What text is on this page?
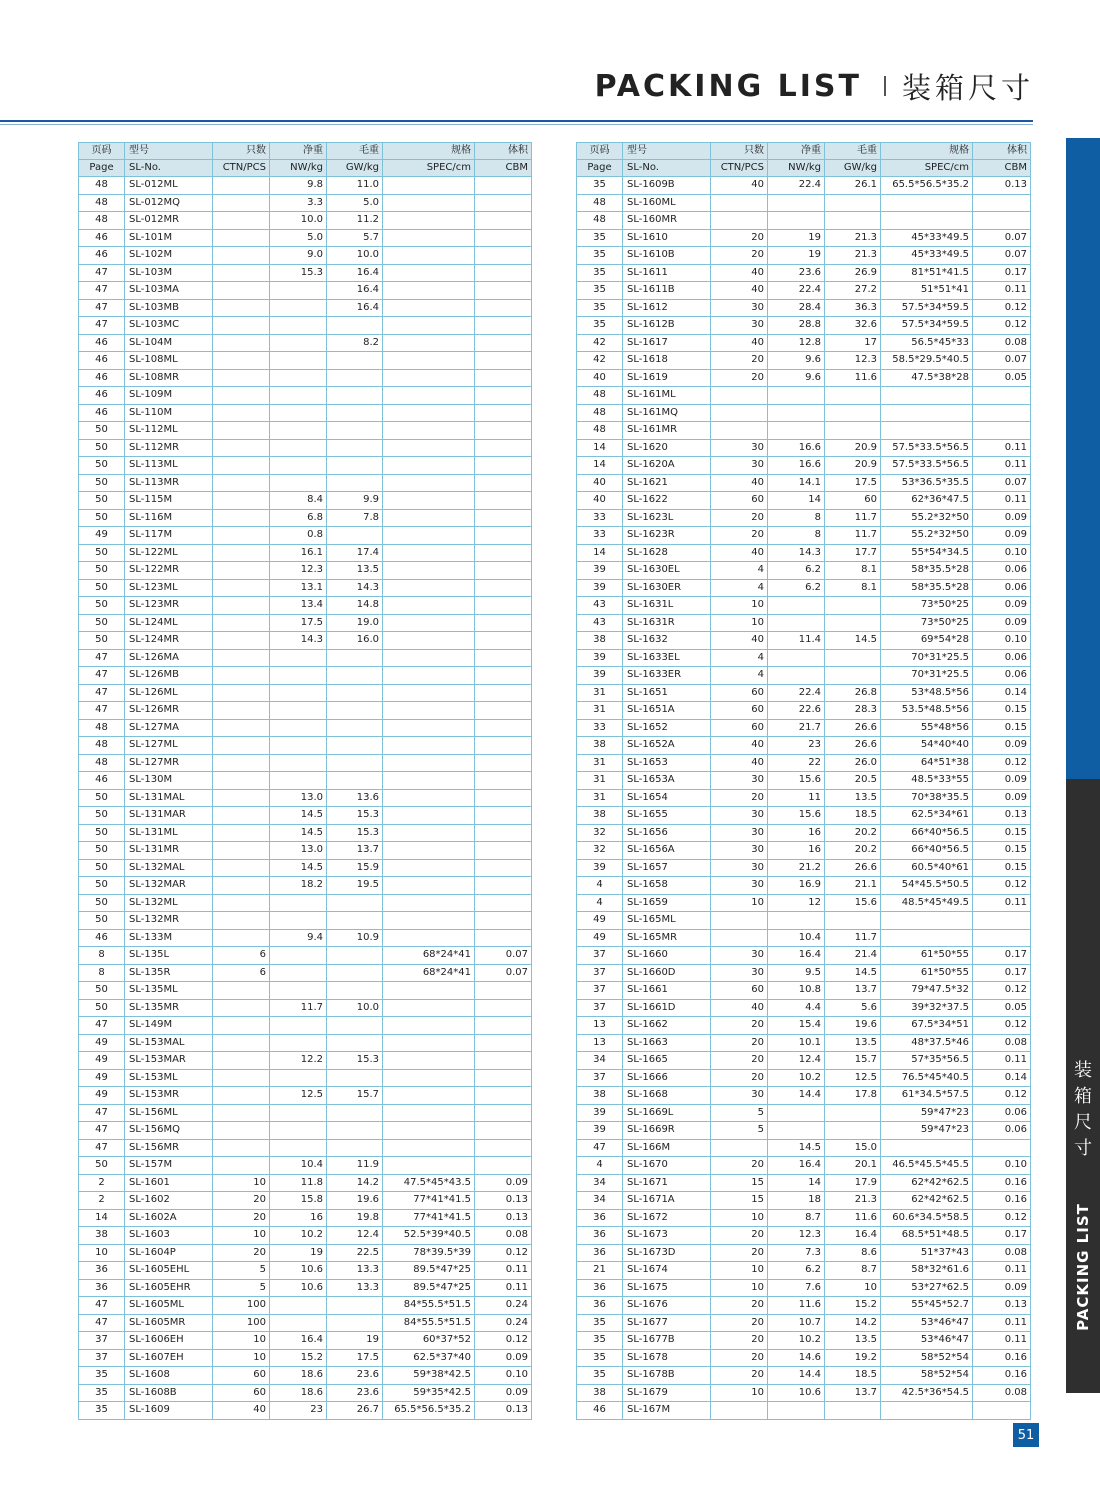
PACKING LIST 装箱尺寸
装
箱
尺
寸
PACKING LIST
页码	型号	只数	净重	毛重	规格	体积
Page	SL-No.	CTN/PCS	NW/kg	GW/kg	SPEC/cm	CBM
48	SL-012ML		9.8	11.0		
48	SL-012MQ		3.3	5.0		
48	SL-012MR		10.0	11.2		
46	SL-101M		5.0	5.7		
46	SL-102M		9.0	10.0		
47	SL-103M		15.3	16.4		
47	SL-103MA			16.4		
47	SL-103MB			16.4		
47	SL-103MC					
46	SL-104M			8.2		
46	SL-108ML					
46	SL-108MR					
46	SL-109M					
46	SL-110M					
50	SL-112ML					
50	SL-112MR					
50	SL-113ML					
50	SL-113MR					
50	SL-115M		8.4	9.9		
50	SL-116M		6.8	7.8		
49	SL-117M		0.8			
50	SL-122ML		16.1	17.4		
50	SL-122MR		12.3	13.5		
50	SL-123ML		13.1	14.3		
50	SL-123MR		13.4	14.8		
50	SL-124ML		17.5	19.0		
50	SL-124MR		14.3	16.0		
47	SL-126MA					
47	SL-126MB					
47	SL-126ML					
47	SL-126MR					
48	SL-127MA					
48	SL-127ML					
48	SL-127MR					
46	SL-130M					
50	SL-131MAL		13.0	13.6		
50	SL-131MAR		14.5	15.3		
50	SL-131ML		14.5	15.3		
50	SL-131MR		13.0	13.7		
50	SL-132MAL		14.5	15.9		
50	SL-132MAR		18.2	19.5		
50	SL-132ML					
50	SL-132MR					
46	SL-133M		9.4	10.9		
8	SL-135L	6			68*24*41	0.07
8	SL-135R	6			68*24*41	0.07
50	SL-135ML					
50	SL-135MR		11.7	10.0		
47	SL-149M					
49	SL-153MAL					
49	SL-153MAR		12.2	15.3		
49	SL-153ML					
49	SL-153MR		12.5	15.7		
47	SL-156ML					
47	SL-156MQ					
47	SL-156MR					
50	SL-157M		10.4	11.9		
2	SL-1601	10	11.8	14.2	47.5*45*43.5	0.09
2	SL-1602	20	15.8	19.6	77*41*41.5	0.13
14	SL-1602A	20	16	19.8	77*41*41.5	0.13
38	SL-1603	10	10.2	12.4	52.5*39*40.5	0.08
10	SL-1604P	20	19	22.5	78*39.5*39	0.12
36	SL-1605EHL	5	10.6	13.3	89.5*47*25	0.11
36	SL-1605EHR	5	10.6	13.3	89.5*47*25	0.11
47	SL-1605ML	100			84*55.5*51.5	0.24
47	SL-1605MR	100			84*55.5*51.5	0.24
37	SL-1606EH	10	16.4	19	60*37*52	0.12
37	SL-1607EH	10	15.2	17.5	62.5*37*40	0.09
35	SL-1608	60	18.6	23.6	59*38*42.5	0.10
35	SL-1608B	60	18.6	23.6	59*35*42.5	0.09
35	SL-1609	40	23	26.7	65.5*56.5*35.2	0.13
页码	型号	只数	净重	毛重	规格	体积
Page	SL-No.	CTN/PCS	NW/kg	GW/kg	SPEC/cm	CBM
35	SL-1609B	40	22.4	26.1	65.5*56.5*35.2	0.13
48	SL-160ML					
48	SL-160MR					
35	SL-1610	20	19	21.3	45*33*49.5	0.07
35	SL-1610B	20	19	21.3	45*33*49.5	0.07
35	SL-1611	40	23.6	26.9	81*51*41.5	0.17
35	SL-1611B	40	22.4	27.2	51*51*41	0.11
35	SL-1612	30	28.4	36.3	57.5*34*59.5	0.12
35	SL-1612B	30	28.8	32.6	57.5*34*59.5	0.12
42	SL-1617	40	12.8	17	56.5*45*33	0.08
42	SL-1618	20	9.6	12.3	58.5*29.5*40.5	0.07
40	SL-1619	20	9.6	11.6	47.5*38*28	0.05
48	SL-161ML					
48	SL-161MQ					
48	SL-161MR					
14	SL-1620	30	16.6	20.9	57.5*33.5*56.5	0.11
14	SL-1620A	30	16.6	20.9	57.5*33.5*56.5	0.11
40	SL-1621	40	14.1	17.5	53*36.5*35.5	0.07
40	SL-1622	60	14	60	62*36*47.5	0.11
33	SL-1623L	20	8	11.7	55.2*32*50	0.09
33	SL-1623R	20	8	11.7	55.2*32*50	0.09
14	SL-1628	40	14.3	17.7	55*54*34.5	0.10
39	SL-1630EL	4	6.2	8.1	58*35.5*28	0.06
39	SL-1630ER	4	6.2	8.1	58*35.5*28	0.06
43	SL-1631L	10			73*50*25	0.09
43	SL-1631R	10			73*50*25	0.09
38	SL-1632	40	11.4	14.5	69*54*28	0.10
39	SL-1633EL	4			70*31*25.5	0.06
39	SL-1633ER	4			70*31*25.5	0.06
31	SL-1651	60	22.4	26.8	53*48.5*56	0.14
31	SL-1651A	60	22.6	28.3	53.5*48.5*56	0.15
33	SL-1652	60	21.7	26.6	55*48*56	0.15
38	SL-1652A	40	23	26.6	54*40*40	0.09
31	SL-1653	40	22	26.0	64*51*38	0.12
31	SL-1653A	30	15.6	20.5	48.5*33*55	0.09
31	SL-1654	20	11	13.5	70*38*35.5	0.09
38	SL-1655	30	15.6	18.5	62.5*34*61	0.13
32	SL-1656	30	16	20.2	66*40*56.5	0.15
32	SL-1656A	30	16	20.2	66*40*56.5	0.15
39	SL-1657	30	21.2	26.6	60.5*40*61	0.15
4	SL-1658	30	16.9	21.1	54*45.5*50.5	0.12
4	SL-1659	10	12	15.6	48.5*45*49.5	0.11
49	SL-165ML					
49	SL-165MR		10.4	11.7		
37	SL-1660	30	16.4	21.4	61*50*55	0.17
37	SL-1660D	30	9.5	14.5	61*50*55	0.17
37	SL-1661	60	10.8	13.7	79*47.5*32	0.12
37	SL-1661D	40	4.4	5.6	39*32*37.5	0.05
13	SL-1662	20	15.4	19.6	67.5*34*51	0.12
13	SL-1663	20	10.1	13.5	48*37.5*46	0.08
34	SL-1665	20	12.4	15.7	57*35*56.5	0.11
37	SL-1666	20	10.2	12.5	76.5*45*40.5	0.14
38	SL-1668	30	14.4	17.8	61*34.5*57.5	0.12
39	SL-1669L	5			59*47*23	0.06
39	SL-1669R	5			59*47*23	0.06
47	SL-166M		14.5	15.0		
4	SL-1670	20	16.4	20.1	46.5*45.5*45.5	0.10
34	SL-1671	15	14	17.9	62*42*62.5	0.16
34	SL-1671A	15	18	21.3	62*42*62.5	0.16
36	SL-1672	10	8.7	11.6	60.6*34.5*58.5	0.12
36	SL-1673	20	12.3	16.4	68.5*51*48.5	0.17
36	SL-1673D	20	7.3	8.6	51*37*43	0.08
21	SL-1674	10	6.2	8.7	58*32*61.6	0.11
36	SL-1675	10	7.6	10	53*27*62.5	0.09
36	SL-1676	20	11.6	15.2	55*45*52.7	0.13
35	SL-1677	20	10.7	14.2	53*46*47	0.11
35	SL-1677B	20	10.2	13.5	53*46*47	0.11
35	SL-1678	20	14.6	19.2	58*52*54	0.16
35	SL-1678B	20	14.4	18.5	58*52*54	0.16
38	SL-1679	10	10.6	13.7	42.5*36*54.5	0.08
46	SL-167M					
51
